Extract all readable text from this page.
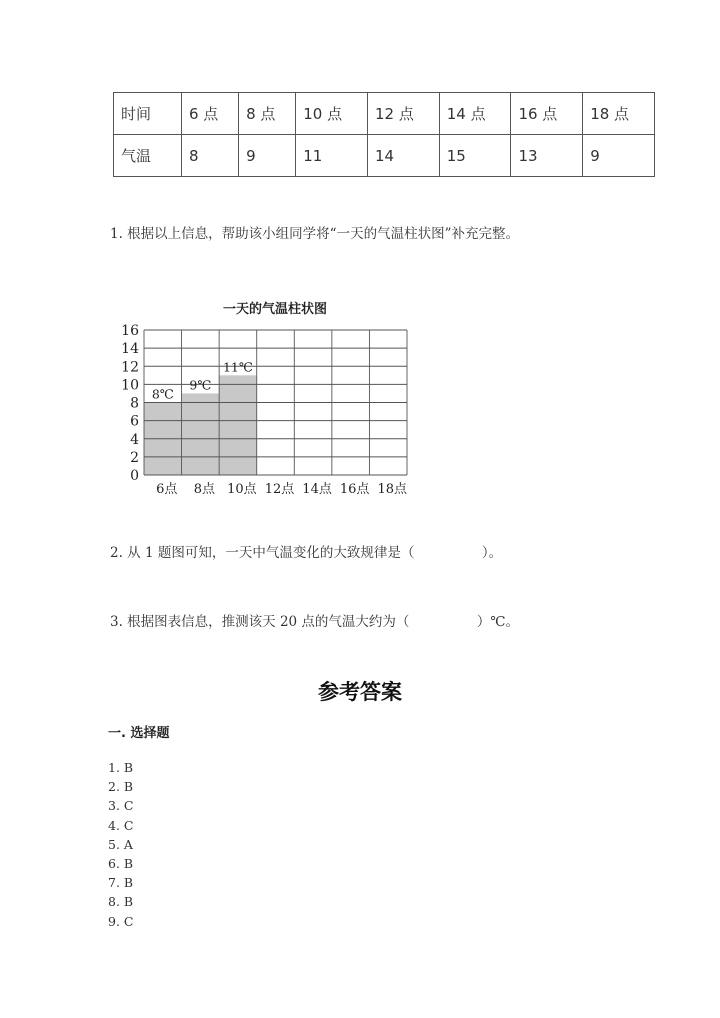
时间	6 点	8 点	10 点	12 点	14 点	16 点	18 点
气温	8	9	11	14	15	13	9
1. 根据以上信息，帮助该小组同学将“一天的气温柱状图”补充完整。
一天的气温柱状图
0
2
4
6
8
10
12
14
16
6点 8点 10点 12点 14点 16点 18点
8℃
9℃
11℃
2. 从 1 题图可知，一天中气温变化的大致规律是（　　　　　）。
3. 根据图表信息，推测该天 20 点的气温大约为（　　　　　）℃。
参考答案
一. 选择题
1. B
2. B
3. C
4. C
5. A
6. B
7. B
8. B
9. C
